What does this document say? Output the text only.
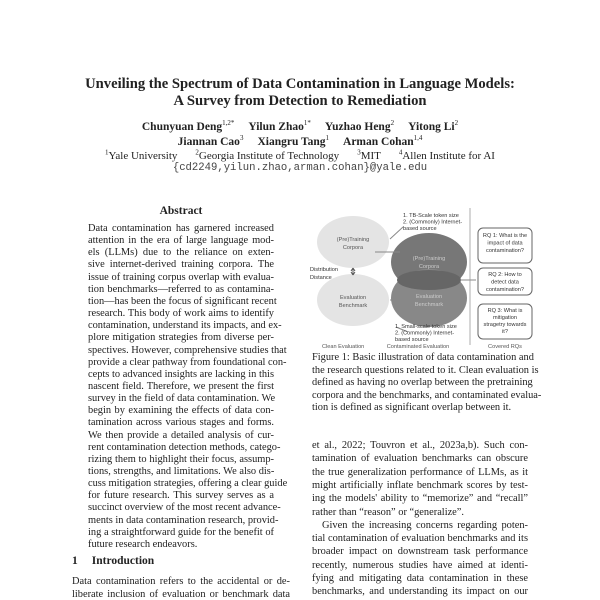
Unveiling the Spectrum of Data Contamination in Language Models:
A Survey from Detection to Remediation
Chunyuan Deng$^{1,2*}$ Yilun Zhao$^{1*}$ Yuzhao Heng$^2$ Yitong Li$^2$
Jiannan Cao$^3$ Xiangru Tang$^1$ Arman Cohan$^{1,4}$
$^1$Yale University	$^2$Georgia Institute of Technology	$^3$MIT	$^4$Allen Institute for AI
{cd2249,yilun.zhao,arman.cohan}@yale.edu
Abstract
Data contamination has garnered increased
attention in the era of large language mod-
els (LLMs) due to the reliance on exten-
sive internet-derived training corpora. The
issue of training corpus overlap with evalua-
tion benchmarks—referred to as contamina-
tion—has been the focus of significant recent
research. This body of work aims to identify
contamination, understand its impacts, and ex-
plore mitigation strategies from diverse per-
spectives. However, comprehensive studies that
provide a clear pathway from foundational con-
cepts to advanced insights are lacking in this
nascent field. Therefore, we present the first
survey in the field of data contamination. We
begin by examining the effects of data con-
tamination across various stages and forms.
We then provide a detailed analysis of cur-
rent contamination detection methods, catego-
rizing them to highlight their focus, assump-
tions, strengths, and limitations. We also dis-
cuss mitigation strategies, offering a clear guide
for future research. This survey serves as a
succinct overview of the most recent advance-
ments in data contamination research, provid-
ing a straightforward guide for the benefit of
future research endeavors.
1 Introduction
Data contamination refers to the accidental or de-
liberate inclusion of evaluation or benchmark data
(Pre)Training
Corpora
Evaluation
Benchmark
Distribution
Distance
(Pre)Training
Corpora
Evaluation
Benchmark
1. TB-Scale token size
2. (Commonly) Internet-
based source
1. Small-scale token size
2. (Commonly) Internet-
based source
RQ 1: What is the
impact of data
contamination?
RQ 2: How to
detect data
contamination?
RQ 3: What is
mitigation
stragetry towards
it?
Clean Evaluation	Contaminated Evaluation	Covered RQs
Figure 1: Basic illustration of data contamination and
the research questions related to it. Clean evaluation is
defined as having no overlap between the pretraining
corpora and the benchmarks, and contaminated evalua-
tion is defined as significant overlap between it.
et al., 2022; Touvron et al., 2023a,b). Such con-
tamination of evaluation benchmarks can obscure
the true generalization performance of LLMs, as it
might artificially inflate benchmark scores by test-
ing the models' ability to “memorize” and “recall”
rather than “reason” or “generalize”.
Given the increasing concerns regarding poten-
tial contamination of evaluation benchmarks and its
broader impact on downstream task performance
recently, numerous studies have aimed at identi-
fying and mitigating data contamination in these
benchmarks, and understanding its impact on our
